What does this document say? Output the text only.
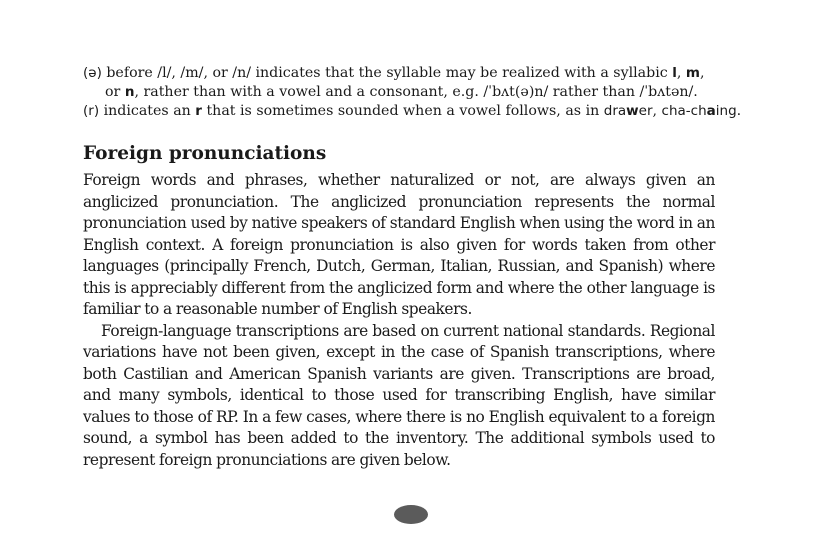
(ə) before /l/, /m/, or /n/ indicates that the syllable may be realized with a syllabic l, m,
or n, rather than with a vowel and a consonant, e.g. /ˈbʌt(ə)n/ rather than /ˈbʌtən/.

(r) indicates an r that is sometimes sounded when a vowel follows, as in drawer, cha-chaing.

Foreign pronunciations

Foreign words and phrases, whether naturalized or not, are always given an anglicized pronunciation. The anglicized pronunciation represents the normal pronunciation used by native speakers of standard English when using the word in an English context. A foreign pronunciation is also given for words taken from other languages (principally French, Dutch, German, Italian, Russian, and Spanish) where this is appreciably different from the anglicized form and where the other language is familiar to a reasonable number of English speakers.

Foreign-language transcriptions are based on current national standards. Regional variations have not been given, except in the case of Spanish transcriptions, where both Castilian and American Spanish variants are given. Transcriptions are broad, and many symbols, identical to those used for transcribing English, have similar values to those of RP. In a few cases, where there is no English equivalent to a foreign sound, a symbol has been added to the inventory. The additional symbols used to represent foreign pronunciations are given below.
